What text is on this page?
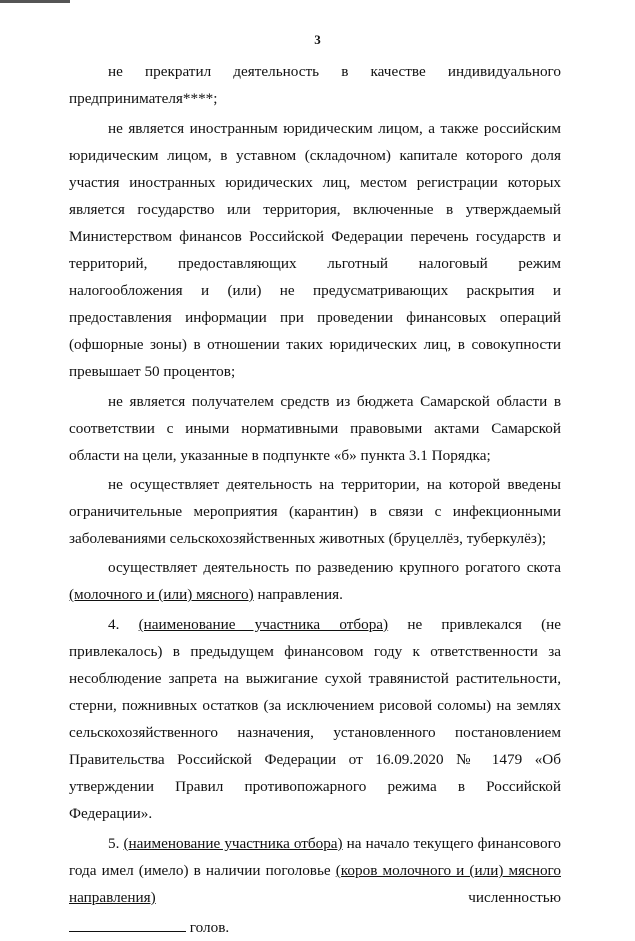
3

не прекратил деятельность в качестве индивидуального предпринимателя****;

не является иностранным юридическим лицом, а также российским юридическим лицом, в уставном (складочном) капитале которого доля участия иностранных юридических лиц, местом регистрации которых является государство или территория, включенные в утверждаемый Министерством финансов Российской Федерации перечень государств и территорий, предоставляющих льготный налоговый режим налогообложения и (или) не предусматривающих раскрытия и предоставления информации при проведении финансовых операций (офшорные зоны) в отношении таких юридических лиц, в совокупности превышает 50 процентов;

не является получателем средств из бюджета Самарской области в соответствии с иными нормативными правовыми актами Самарской области на цели, указанные в подпункте «б» пункта 3.1 Порядка;

не осуществляет деятельность на территории, на которой введены ограничительные мероприятия (карантин) в связи с инфекционными заболеваниями сельскохозяйственных животных (бруцеллёз, туберкулёз);

осуществляет деятельность по разведению крупного рогатого скота (молочного и (или) мясного) направления.

4. (наименование участника отбора) не привлекался (не привлекалось) в предыдущем финансовом году к ответственности за несоблюдение запрета на выжигание сухой травянистой растительности, стерни, пожнивных остатков (за исключением рисовой соломы) на землях сельскохозяйственного назначения, установленного постановлением Правительства Российской Федерации от 16.09.2020 № 1479 «Об утверждении Правил противопожарного режима в Российской Федерации».

5. (наименование участника отбора) на начало текущего финансового года имел (имело) в наличии поголовье (коров молочного и (или) мясного направления) численностью

голов.
